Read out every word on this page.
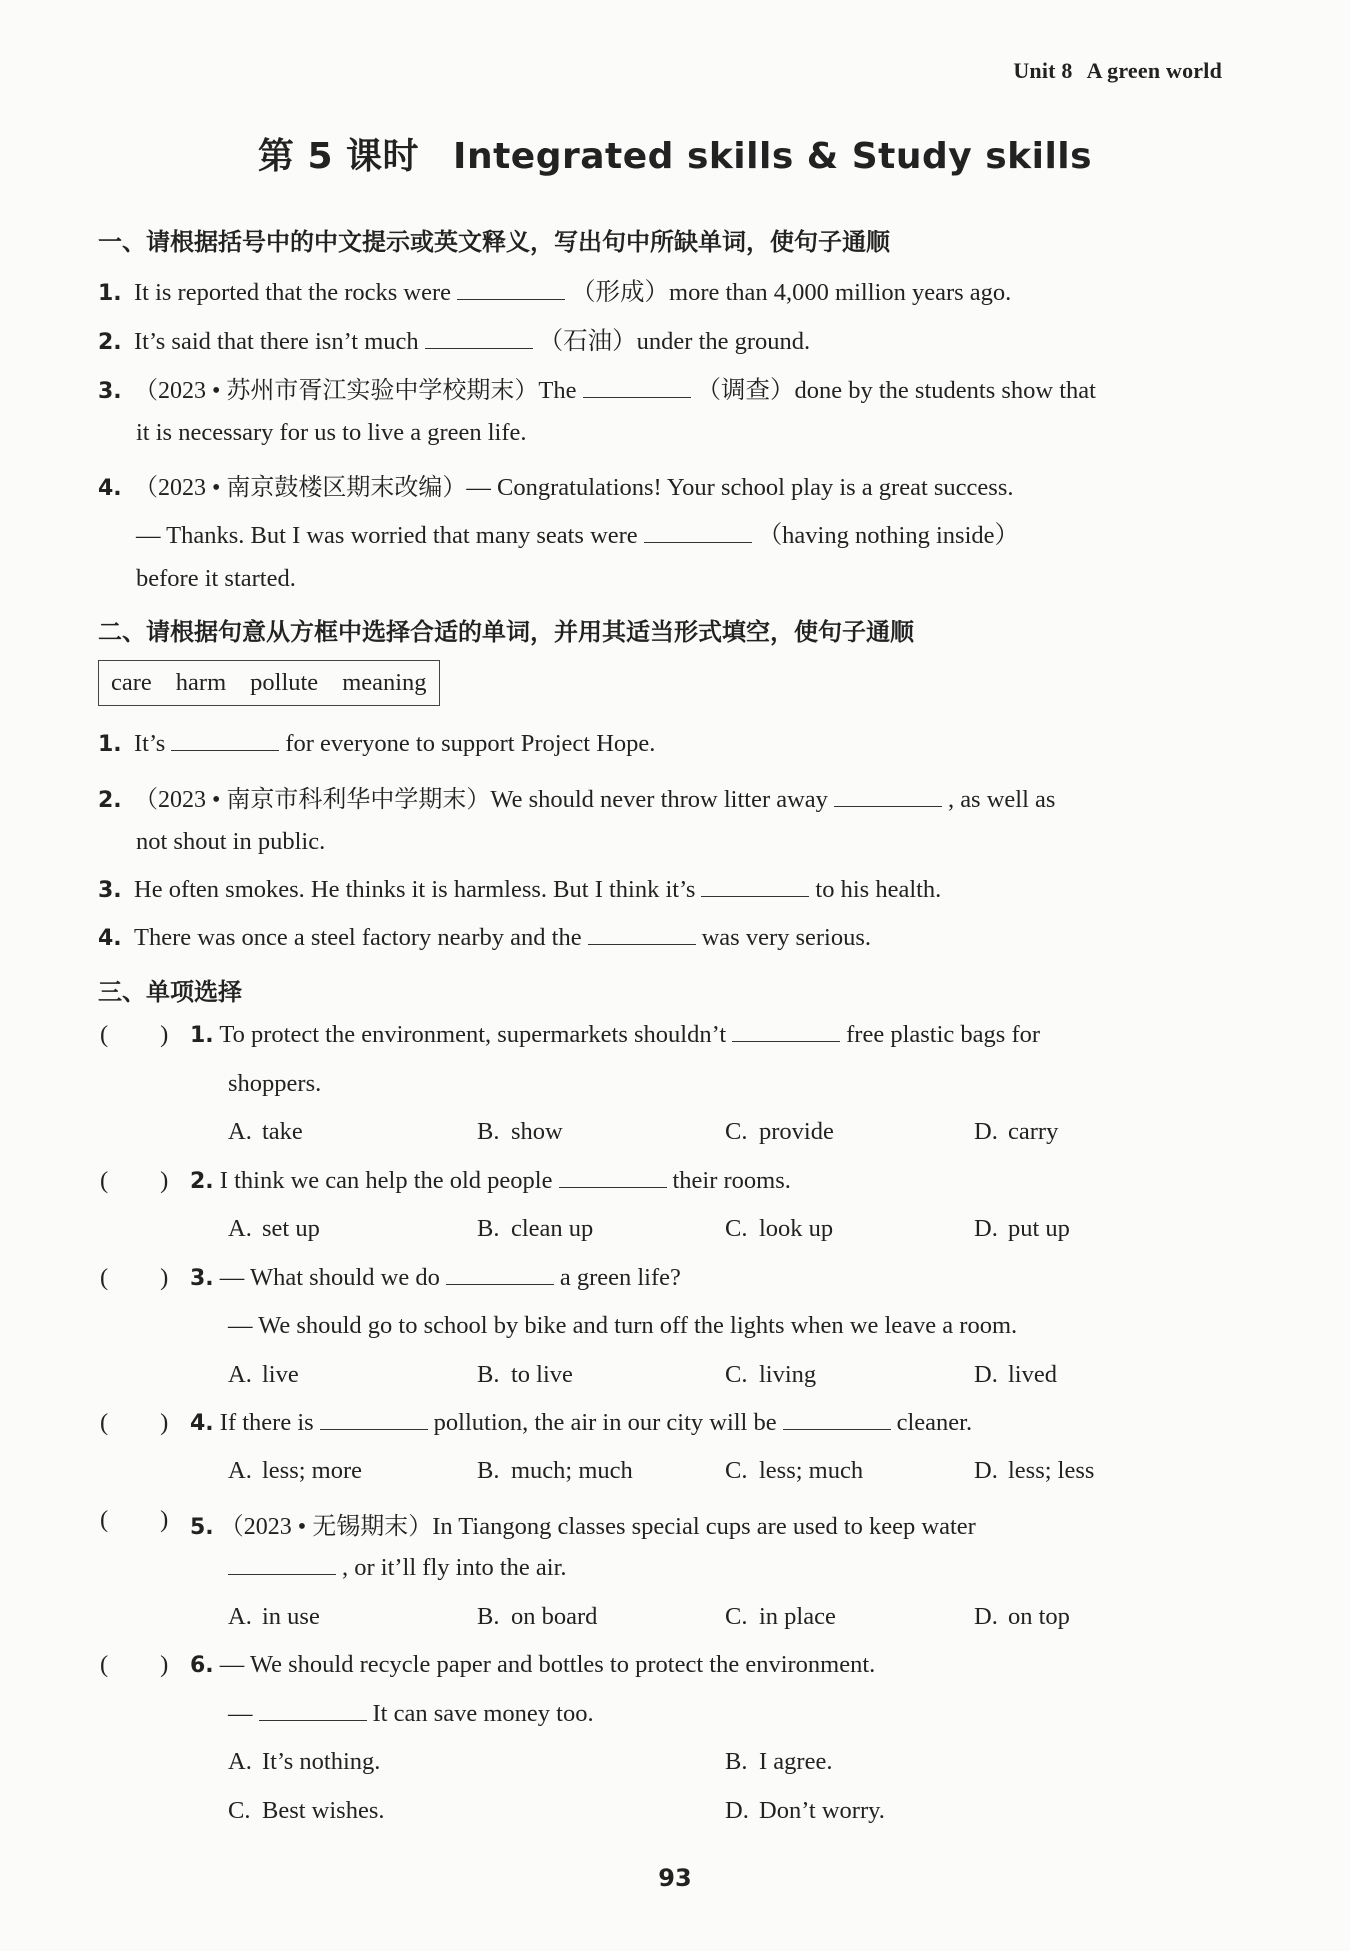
Unit 8 A green world
第 5 课时 Integrated skills & Study skills
一、请根据括号中的中文提示或英文释义，写出句中所缺单词，使句子通顺
1. It is reported that the rocks were	（形成）more than 4,000 million years ago.
2. It’s said that there isn’t much	（石油）under the ground.
3. （2023 • 苏州市胥江实验中学校期末）The	（调查）done by the students show that
it is necessary for us to live a green life.
4. （2023 • 南京鼓楼区期末改编）— Congratulations! Your school play is a great success.
— Thanks. But I was worried that many seats were	（having nothing inside）
before it started.
二、请根据句意从方框中选择合适的单词，并用其适当形式填空，使句子通顺
care harm pollute meaning
1. It’s	for everyone to support Project Hope.
2. （2023 • 南京市科利华中学期末）We should never throw litter away	, as well as
not shout in public.
3. He often smokes. He thinks it is harmless. But I think it’s	to his health.
4. There was once a steel factory nearby and the	was very serious.
三、单项选择
( ) 1. To protect the environment, supermarkets shouldn’t	free plastic bags for
shoppers.
A. take	B. show	C. provide	D. carry
( ) 2. I think we can help the old people	their rooms.
A. set up	B. clean up	C. look up	D. put up
( ) 3. — What should we do	a green life?
— We should go to school by bike and turn off the lights when we leave a room.
A. live	B. to live	C. living	D. lived
( ) 4. If there is	pollution, the air in our city will be	cleaner.
A. less; more	B. much; much	C. less; much	D. less; less
( ) 5. （2023 • 无锡期末）In Tiangong classes special cups are used to keep water
, or it’ll fly into the air.
A. in use	B. on board	C. in place	D. on top
( ) 6. — We should recycle paper and bottles to protect the environment.
—	It can save money too.
A. It’s nothing.	B. I agree.
C. Best wishes.	D. Don’t worry.
93
